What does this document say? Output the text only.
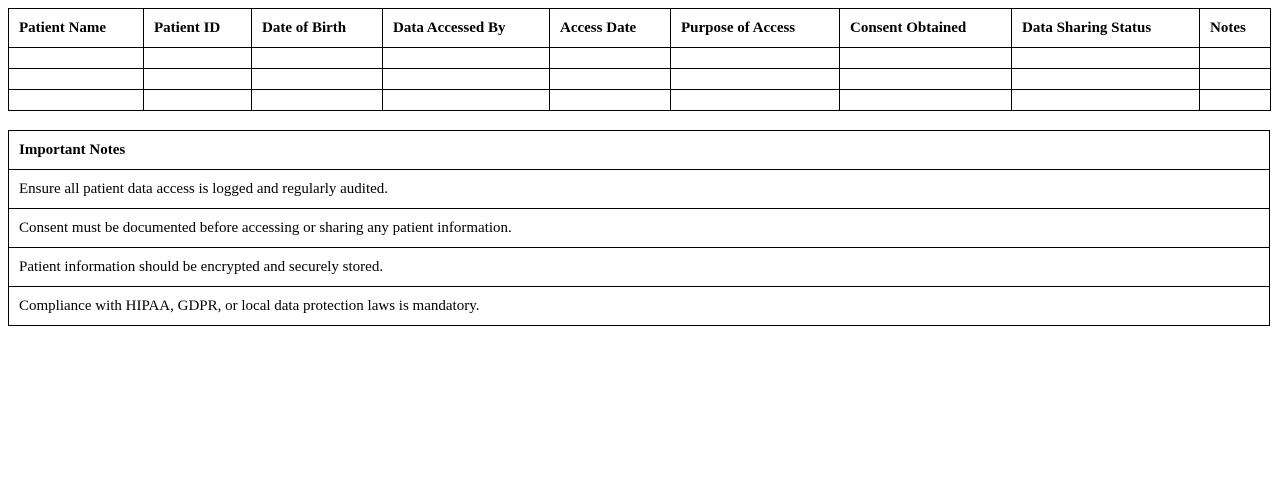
Patient Name	Patient ID	Date of Birth	Data Accessed By	Access Date	Purpose of Access	Consent Obtained	Data Sharing Status	Notes

Important Notes
Ensure all patient data access is logged and regularly audited.
Consent must be documented before accessing or sharing any patient information.
Patient information should be encrypted and securely stored.
Compliance with HIPAA, GDPR, or local data protection laws is mandatory.
